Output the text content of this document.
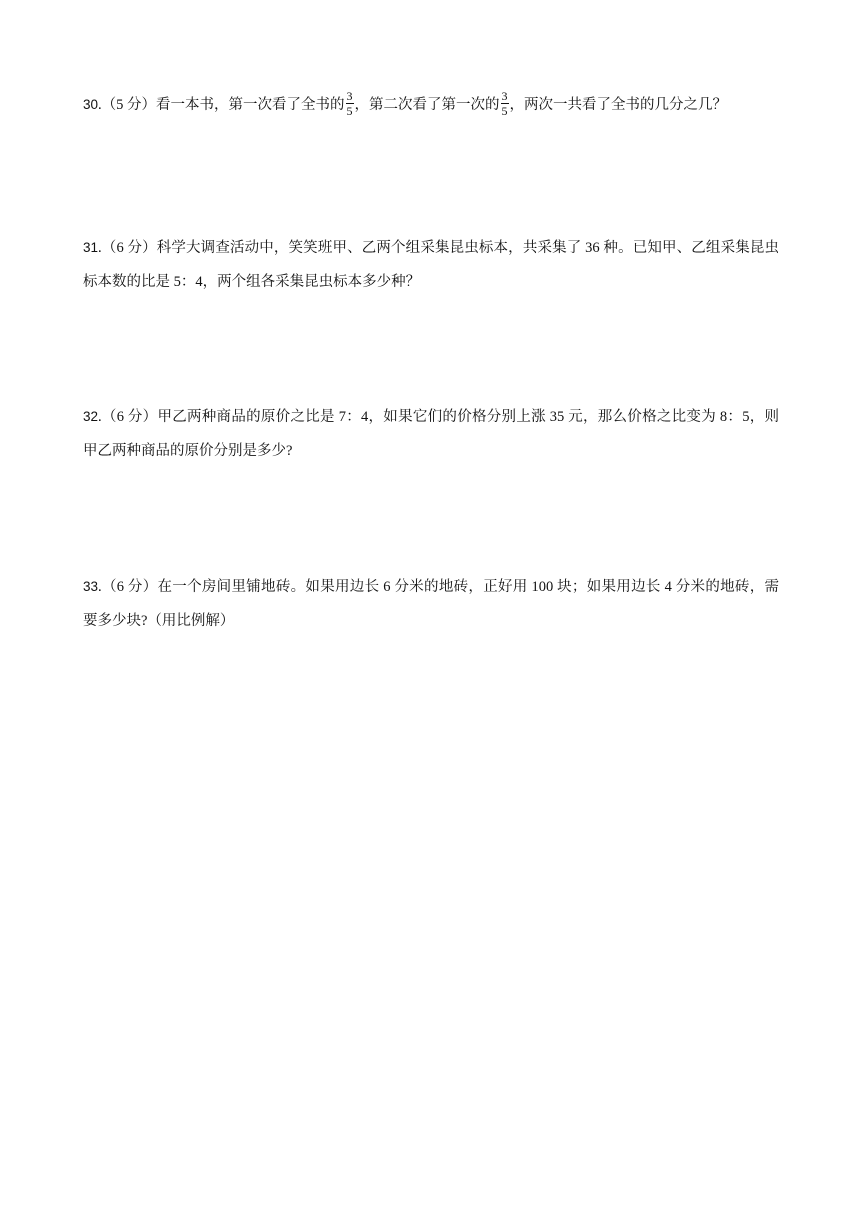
30.（5 分）看一本书，第一次看了全书的 $\frac{3}{5}$ ，第二次看了第一次的 $\frac{3}{5}$ ，两次一共看了全书的几分之几？
31.（6 分）科学大调查活动中，笑笑班甲、乙两个组采集昆虫标本，共采集了 36 种。已知甲、乙组采集昆虫标本数的比是 5：4，两个组各采集昆虫标本多少种？
32.（6 分）甲乙两种商品的原价之比是 7：4，如果它们的价格分别上涨 35 元，那么价格之比变为 8：5，则甲乙两种商品的原价分别是多少?
33.（6 分）在一个房间里铺地砖。如果用边长 6 分米的地砖，正好用 100 块；如果用边长 4 分米的地砖，需要多少块?（用比例解）
